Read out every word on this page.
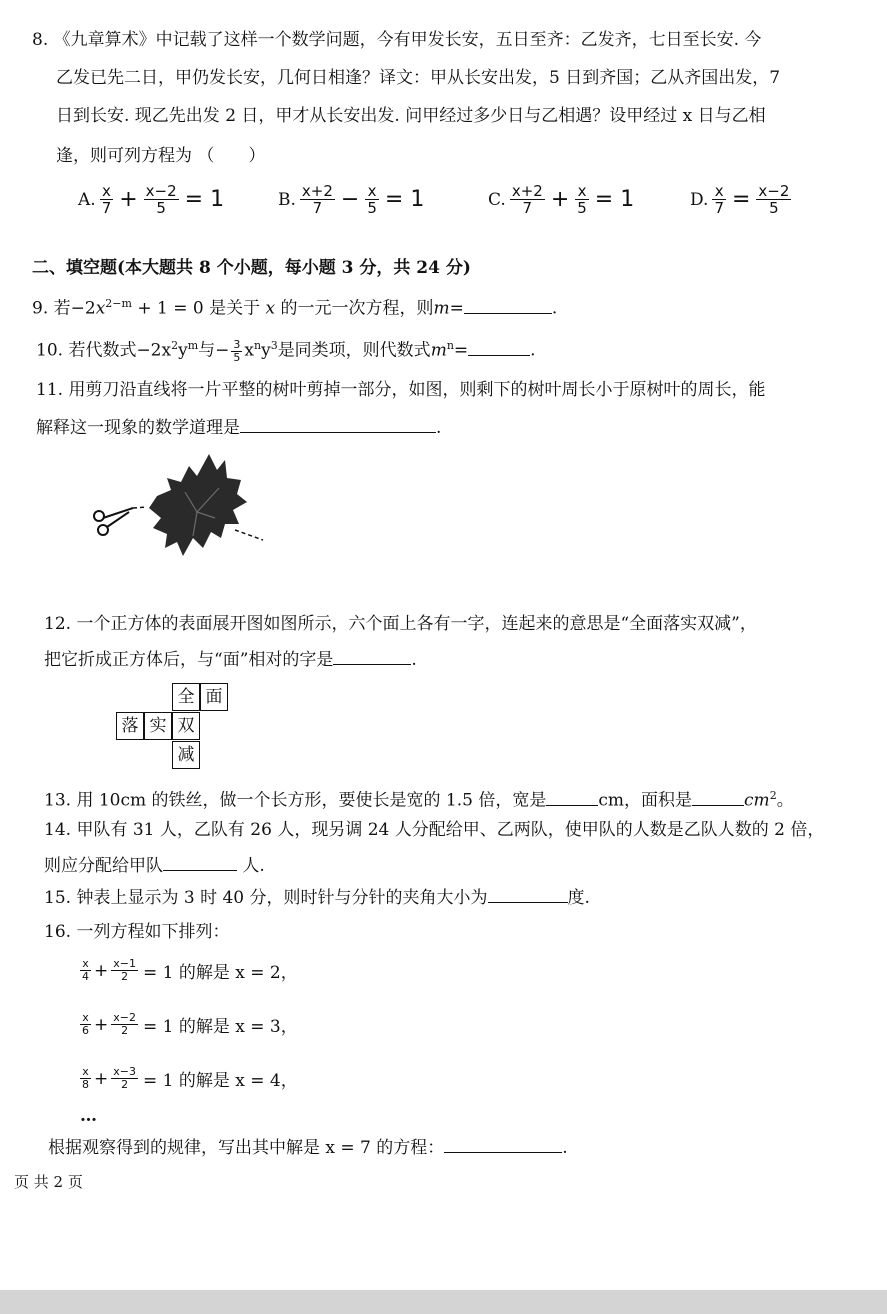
8. 《九章算术》中记载了这样一个数学问题，今有甲发长安，五日至齐：乙发齐，七日至长安. 今
乙发已先二日，甲仍发长安，几何日相逢？译文：甲从长安出发，5 日到齐国；乙从齐国出发，7
日到长安. 现乙先出发 2 日，甲才从长安出发. 问甲经过多少日与乙相遇？设甲经过 x 日与乙相
逢，则可列方程为 （　　）
A. $\frac{x}{7} + \frac{x-2}{5} = 1$	B. $\frac{x+2}{7} - \frac{x}{5} = 1$	C. $\frac{x+2}{7} + \frac{x}{5} = 1$	D. $\frac{x}{7} = \frac{x-2}{5}$
二、填空题(本大题共 8 个小题，每小题 3 分，共 24 分)
9. 若$-2x^{2-m} + 1 = 0$ 是关于 x 的一元一次方程，则m=	.
10. 若代数式$-2x^2y^m$与− $\frac{3}{5} x^ny^3$是同类项，则代数式$m^n=$	.
11. 用剪刀沿直线将一片平整的树叶剪掉一部分，如图，则剩下的树叶周长小于原树叶的周长，能
解释这一现象的数学道理是	.
12. 一个正方体的表面展开图如图所示，六个面上各有一字，连起来的意思是“全面落实双减”，
把它折成正方体后，与“面”相对的字是	.
全 面
落 实 双
减
13. 用 10cm 的铁丝，做一个长方形，要使长是宽的 1.5 倍，宽是	cm，面积是	$cm^2$。
14. 甲队有 31 人，乙队有 26 人，现另调 24 人分配给甲、乙两队，使甲队的人数是乙队人数的 2 倍，
则应分配给甲队	人.
15. 钟表上显示为 3 时 40 分，则时针与分针的夹角大小为	度.
16. 一列方程如下排列：
$\frac{x}{4} + \frac{x-1}{2} = 1$ 的解是 x = 2，
$\frac{x}{6} + \frac{x-2}{2} = 1$ 的解是 x = 3，
$\frac{x}{8} + \frac{x-3}{2} = 1$ 的解是 x = 4，
…
根据观察得到的规律，写出其中解是 x = 7 的方程：	.
页 共 2 页
